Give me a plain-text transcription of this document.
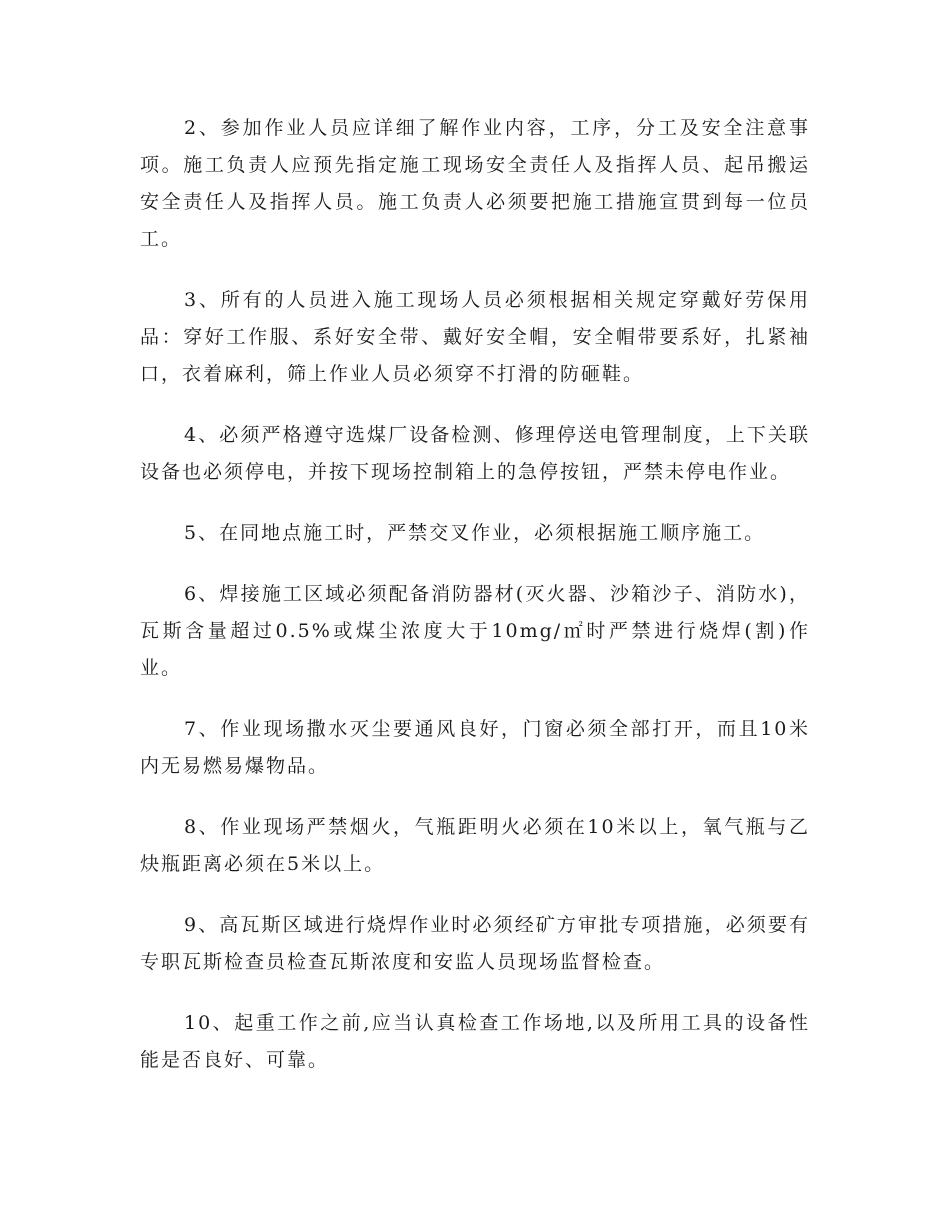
2、参加作业人员应详细了解作业内容，工序，分工及安全注意事项。施工负责人应预先指定施工现场安全责任人及指挥人员、起吊搬运安全责任人及指挥人员。施工负责人必须要把施工措施宣贯到每一位员工。

3、所有的人员进入施工现场人员必须根据相关规定穿戴好劳保用品：穿好工作服、系好安全带、戴好安全帽，安全帽带要系好，扎紧袖口，衣着麻利，筛上作业人员必须穿不打滑的防砸鞋。

4、必须严格遵守选煤厂设备检测、修理停送电管理制度，上下关联设备也必须停电，并按下现场控制箱上的急停按钮，严禁未停电作业。

5、在同地点施工时，严禁交叉作业，必须根据施工顺序施工。

6、焊接施工区域必须配备消防器材(灭火器、沙箱沙子、消防水)，瓦斯含量超过0.5%或煤尘浓度大于10mg/㎡时严禁进行烧焊(割)作业。

7、作业现场撒水灭尘要通风良好，门窗必须全部打开，而且10米内无易燃易爆物品。

8、作业现场严禁烟火，气瓶距明火必须在10米以上，氧气瓶与乙炔瓶距离必须在5米以上。

9、高瓦斯区域进行烧焊作业时必须经矿方审批专项措施，必须要有专职瓦斯检查员检查瓦斯浓度和安监人员现场监督检查。

10、起重工作之前,应当认真检查工作场地,以及所用工具的设备性能是否良好、可靠。
